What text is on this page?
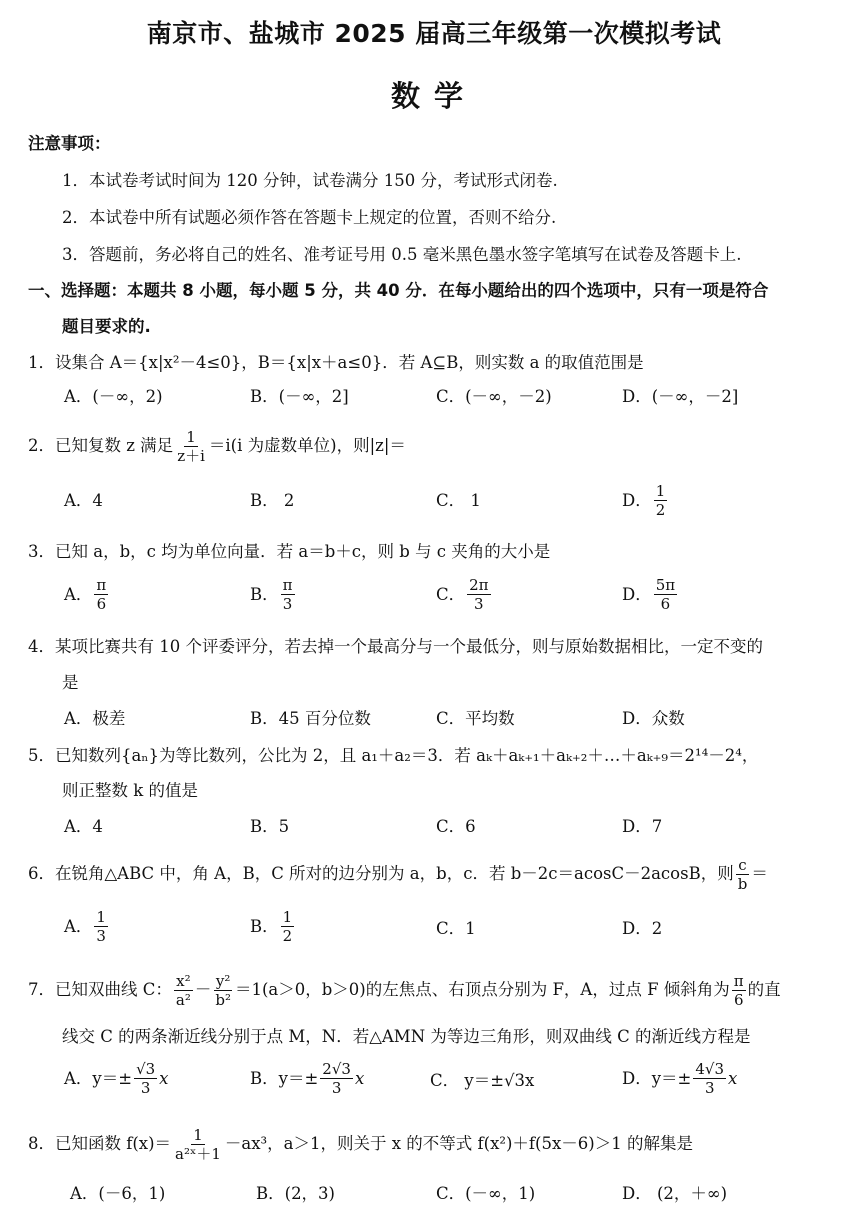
南京市、盐城市 2025 届高三年级第一次模拟考试
数学
注意事项：
1．本试卷考试时间为 120 分钟，试卷满分 150 分，考试形式闭卷.
2．本试卷中所有试题必须作答在答题卡上规定的位置，否则不给分.
3．答题前，务必将自己的姓名、准考证号用 0.5 毫米黑色墨水签字笔填写在试卷及答题卡上.
一、选择题：本题共 8 小题，每小题 5 分，共 40 分．在每小题给出的四个选项中，只有一项是符合
题目要求的.
1．设集合 A＝{x|x²－4≤0}，B＝{x|x＋a≤0}．若 A⊆B，则实数 a 的取值范围是
A．(－∞，2)	B．(－∞，2]	C．(－∞，－2)	D．(－∞，－2]
2．已知复数 z 满足 $\frac{1}{z+i} =i(i$ 为虚数单位)，则|z|＝
A．4	B． 2	C． 1	D． $\frac{1}{2}$
3．已知 a，b，c 均为单位向量．若 a＝b＋c，则 b 与 c 夹角的大小是
A． $\frac{\pi}{6}$	B． $\frac{\pi}{3}$	C． $\frac{2\pi}{3}$	D． $\frac{5\pi}{6}$
4．某项比赛共有 10 个评委评分，若去掉一个最高分与一个最低分，则与原始数据相比，一定不变的
是
A．极差	B．45 百分位数	C．平均数	D．众数
5．已知数列{aₙ}为等比数列，公比为 2，且 a₁＋a₂＝3．若 aₖ＋aₖ₊₁＋aₖ₊₂＋…＋aₖ₊₉＝2¹⁴－2⁴，
则正整数 k 的值是
A．4	B．5	C．6	D．7
6．在锐角△ABC 中，角 A，B，C 所对的边分别为 a，b，c．若 b－2c＝acosC－2acosB，则 $\frac{c}{b}$ ＝
A． $\frac{1}{3}$	B． $\frac{1}{2}$	C．1	D．2
7．已知双曲线 C： $\frac{\text{x²}}{\text{a²}} - \frac{\text{y²}}{\text{b²}} =1(a>0$，b＞0)的左焦点、右顶点分别为 F，A，过点 F 倾斜角为 $\frac{\pi}{6}$ 的直
线交 C 的两条渐近线分别于点 M，N．若△AMN 为等边三角形，则双曲线 C 的渐近线方程是
A．$y=\pm \frac{√3}{3}$ x	B．$y=\pm \frac{2√3}{3}$ x	C． y＝±√3x	D．$y=\pm \frac{4√3}{3}$ x
8．已知函数 $f(x)= \frac{1}{\text{a²ˣ＋1}} -ax^3$，a＞1，则关于 x 的不等式 f(x²)＋f(5x－6)＞1 的解集是
A．(－6，1)	B．(2，3)	C．(－∞，1)	D． (2，＋∞)
